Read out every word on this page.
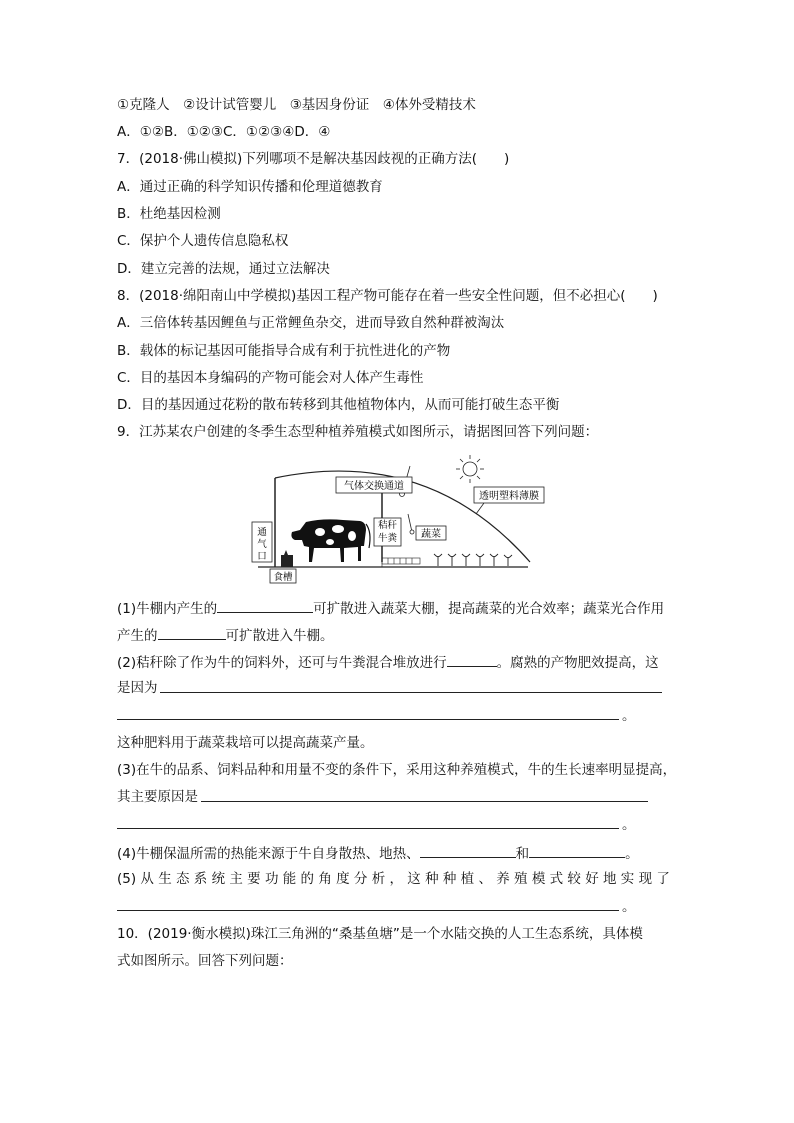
①克隆人　②设计试管婴儿　③基因身份证　④体外受精技术
A．①②B．①②③C．①②③④D．④
7．(2018·佛山模拟)下列哪项不是解决基因歧视的正确方法(　　)
A．通过正确的科学知识传播和伦理道德教育
B．杜绝基因检测
C．保护个人遗传信息隐私权
D．建立完善的法规，通过立法解决
8．(2018·绵阳南山中学模拟)基因工程产物可能存在着一些安全性问题，但不必担心(　　)
A．三倍体转基因鲤鱼与正常鲤鱼杂交，进而导致自然种群被淘汰
B．载体的标记基因可能指导合成有利于抗性进化的产物
C．目的基因本身编码的产物可能会对人体产生毒性
D．目的基因通过花粉的散布转移到其他植物体内，从而可能打破生态平衡
9．江苏某农户创建的冬季生态型种植养殖模式如图所示，请据图回答下列问题：
气体交换通道
透明塑料薄膜
秸秆
牛粪 蔬菜
通
气
口
食槽
(1)牛棚内产生的	可扩散进入蔬菜大棚，提高蔬菜的光合效率；蔬菜光合作用
产生的	可扩散进入牛棚。
(2)秸秆除了作为牛的饲料外，还可与牛粪混合堆放进行	。腐熟的产物肥效提高，这
是因为
。
这种肥料用于蔬菜栽培可以提高蔬菜产量。
(3)在牛的品系、饲料品种和用量不变的条件下，采用这种养殖模式，牛的生长速率明显提高，
其主要原因是
。
(4)牛棚保温所需的热能来源于牛自身散热、地热、	和	。
(5) 从 生 态 系 统 主 要 功 能 的 角 度 分 析 ， 这 种 种 植 、 养 殖 模 式 较 好 地 实 现 了
。
10．(2019·衡水模拟)珠江三角洲的“桑基鱼塘”是一个水陆交换的人工生态系统，具体模
式如图所示。回答下列问题：
